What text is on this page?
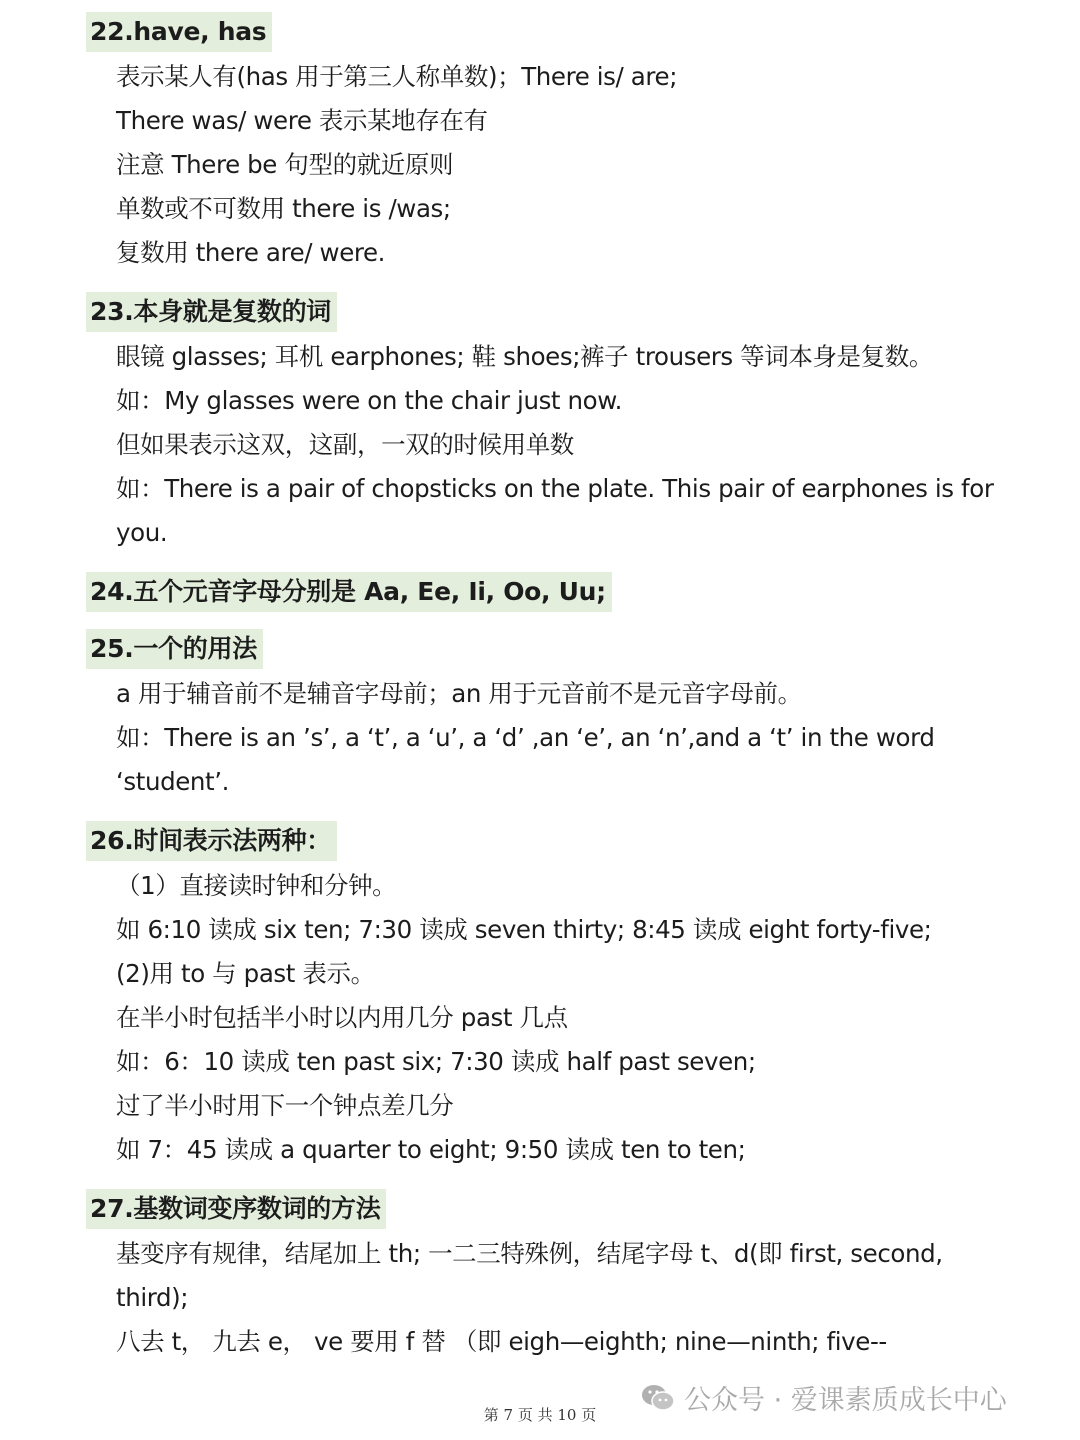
22.have, has
表示某人有(has 用于第三人称单数)；There is/ are;
There was/ were 表示某地存在有
注意 There be 句型的就近原则
单数或不可数用 there is /was;
复数用 there are/ were.
23.本身就是复数的词
眼镜 glasses; 耳机 earphones; 鞋 shoes;裤子 trousers 等词本身是复数。
如：My glasses were on the chair just now.
但如果表示这双，这副，一双的时候用单数
如：There is a pair of chopsticks on the plate. This pair of earphones is for
you.
24.五个元音字母分别是 Aa, Ee, Ii, Oo, Uu;
25.一个的用法
a 用于辅音前不是辅音字母前；an 用于元音前不是元音字母前。
如：There is an ’s’, a ‘t’, a ‘u’, a ‘d’ ,an ‘e’, an ‘n’,and a ‘t’ in the word
‘student’.
26.时间表示法两种：
（1）直接读时钟和分钟。
如 6:10 读成 six ten; 7:30 读成 seven thirty; 8:45 读成 eight forty-five;
(2)用 to 与 past 表示。
在半小时包括半小时以内用几分 past 几点
如：6：10 读成 ten past six; 7:30 读成 half past seven;
过了半小时用下一个钟点差几分
如 7：45 读成 a quarter to eight; 9:50 读成 ten to ten;
27.基数词变序数词的方法
基变序有规律，结尾加上 th; 一二三特殊例，结尾字母 t、d(即 first, second,
third);
八去 t， 九去 e， ve 要用 f 替 （即 eigh—eighth; nine—ninth; five--
公众号 · 爱课素质成长中心
第 7 页 共 10 页
